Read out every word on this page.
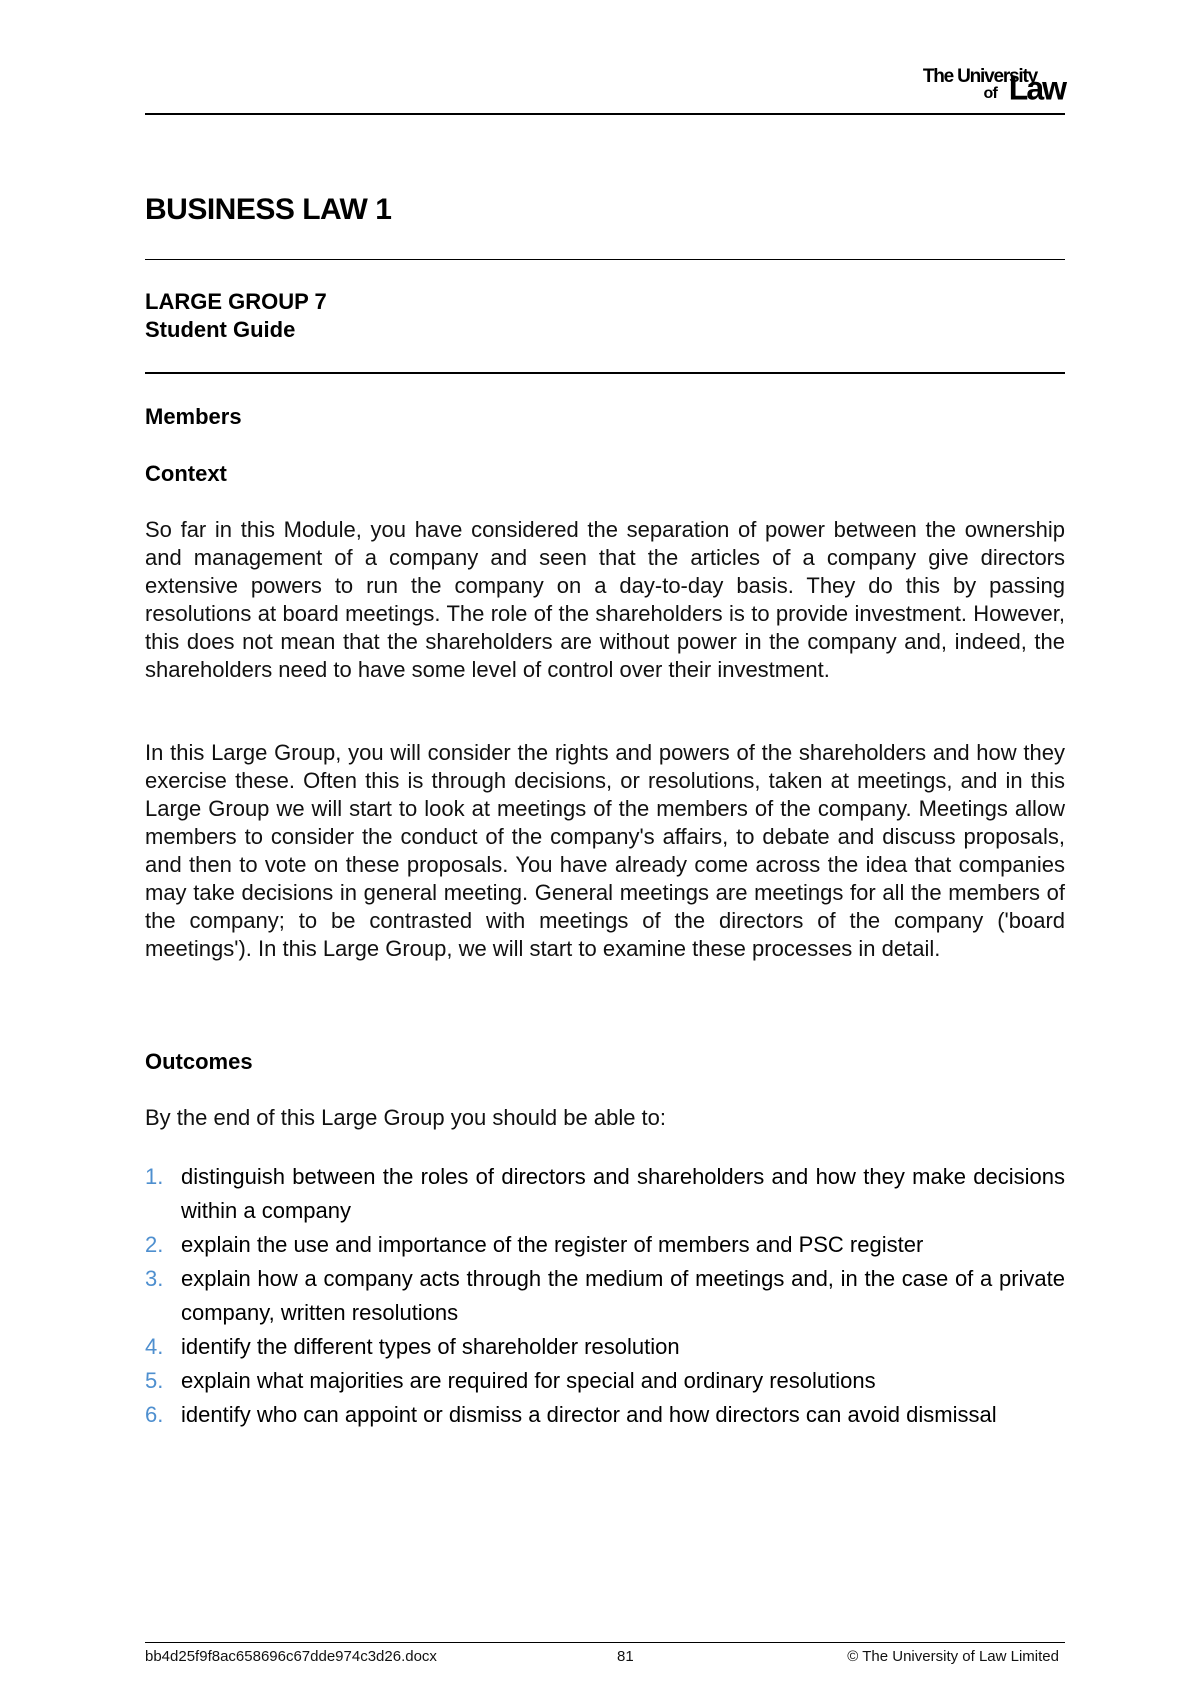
The University
of Law
BUSINESS LAW 1

LARGE GROUP 7

Student Guide

Members

Context

So far in this Module, you have considered the separation of power between the ownership and management of a company and seen that the articles of a company give directors extensive powers to run the company on a day-to-day basis. They do this by passing resolutions at board meetings. The role of the shareholders is to provide investment. However, this does not mean that the shareholders are without power in the company and, indeed, the shareholders need to have some level of control over their investment.

In this Large Group, you will consider the rights and powers of the shareholders and how they exercise these. Often this is through decisions, or resolutions, taken at meetings, and in this Large Group we will start to look at meetings of the members of the company. Meetings allow members to consider the conduct of the company's affairs, to debate and discuss proposals, and then to vote on these proposals. You have already come across the idea that companies may take decisions in general meeting. General meetings are meetings for all the members of the company; to be contrasted with meetings of the directors of the company ('board meetings'). In this Large Group, we will start to examine these processes in detail.

Outcomes

By the end of this Large Group you should be able to:

1. distinguish between the roles of directors and shareholders and how they make decisions within a company
2. explain the use and importance of the register of members and PSC register
3. explain how a company acts through the medium of meetings and, in the case of a private company, written resolutions
4. identify the different types of shareholder resolution
5. explain what majorities are required for special and ordinary resolutions
6. identify who can appoint or dismiss a director and how directors can avoid dismissal
bb4d25f9f8ac658696c67dde974c3d26.docx	81	© The University of Law Limited
